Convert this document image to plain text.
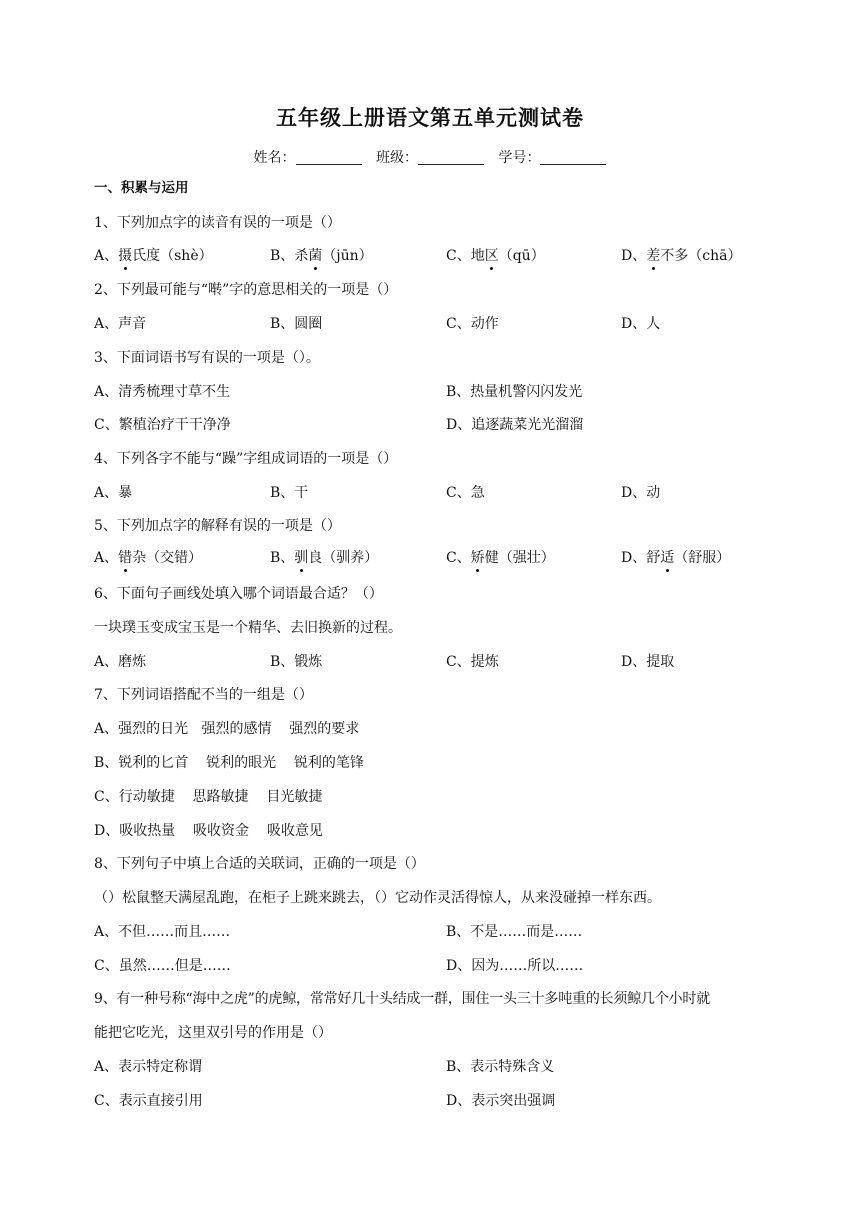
五年级上册语文第五单元测试卷
姓名：	班级：	学号：
一、积累与运用
1、下列加点字的读音有误的一项是（）
A、摄氏度（shè）	B、杀菌（jūn）	C、地区（qū）	D、差不多（chā）
2、下列最可能与“啭”字的意思相关的一项是（）
A、声音	B、圆圈	C、动作	D、人
3、下面词语书写有误的一项是（）。
A、清秀梳理寸草不生	B、热量机警闪闪发光
C、繁植治疗干干净净	D、追逐蔬菜光光溜溜
4、下列各字不能与“躁”字组成词语的一项是（）
A、暴	B、干	C、急	D、动
5、下列加点字的解释有误的一项是（）
A、错杂（交错）	B、驯良（驯养）	C、矫健（强壮）	D、舒适（舒服）
6、下面句子画线处填入哪个词语最合适？（）
一块璞玉变成宝玉是一个精华、去旧换新的过程。
A、磨炼	B、锻炼	C、提炼	D、提取
7、下列词语搭配不当的一组是（）
A、强烈的日光   强烈的感情    强烈的要求
B、锐利的匕首    锐利的眼光    锐利的笔锋
C、行动敏捷    思路敏捷    目光敏捷
D、吸收热量    吸收资金    吸收意见
8、下列句子中填上合适的关联词，正确的一项是（）
（）松鼠整天满屋乱跑，在柜子上跳来跳去，（）它动作灵活得惊人，从来没碰掉一样东西。
A、不但……而且……	B、不是……而是……
C、虽然……但是……	D、因为……所以……
9、有一种号称“海中之虎”的虎鲸，常常好几十头结成一群，围住一头三十多吨重的长须鲸几个小时就
能把它吃光，这里双引号的作用是（）
A、表示特定称谓	B、表示特殊含义
C、表示直接引用	D、表示突出强调
